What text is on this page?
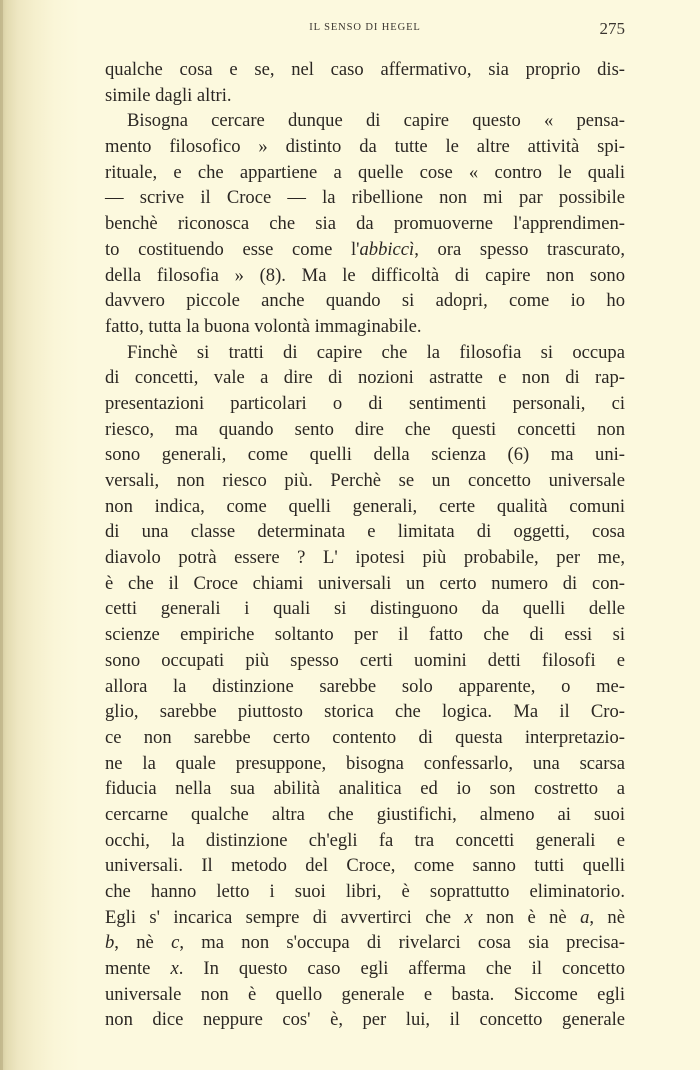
IL SENSO DI HEGEL	275
qualche cosa e se, nel caso affermativo, sia proprio dis-
simile dagli altri.
Bisogna cercare dunque di capire questo « pensa-
mento filosofico » distinto da tutte le altre attività spi-
rituale, e che appartiene a quelle cose « contro le quali
— scrive il Croce — la ribellione non mi par possibile
benchè riconosca che sia da promuoverne l'apprendimen-
to costituendo esse come l'abbiccì, ora spesso trascurato,
della filosofia » (8). Ma le difficoltà di capire non sono
davvero piccole anche quando si adopri, come io ho
fatto, tutta la buona volontà immaginabile.
Finchè si tratti di capire che la filosofia si occupa
di concetti, vale a dire di nozioni astratte e non di rap-
presentazioni particolari o di sentimenti personali, ci
riesco, ma quando sento dire che questi concetti non
sono generali, come quelli della scienza (6) ma uni-
versali, non riesco più. Perchè se un concetto universale
non indica, come quelli generali, certe qualità comuni
di una classe determinata e limitata di oggetti, cosa
diavolo potrà essere ? L' ipotesi più probabile, per me,
è che il Croce chiami universali un certo numero di con-
cetti generali i quali si distinguono da quelli delle
scienze empiriche soltanto per il fatto che di essi si
sono occupati più spesso certi uomini detti filosofi e
allora la distinzione sarebbe solo apparente, o me-
glio, sarebbe piuttosto storica che logica. Ma il Cro-
ce non sarebbe certo contento di questa interpretazio-
ne la quale presuppone, bisogna confessarlo, una scarsa
fiducia nella sua abilità analitica ed io son costretto a
cercarne qualche altra che giustifichi, almeno ai suoi
occhi, la distinzione ch'egli fa tra concetti generali e
universali. Il metodo del Croce, come sanno tutti quelli
che hanno letto i suoi libri, è soprattutto eliminatorio.
Egli s' incarica sempre di avvertirci che x non è nè a, nè
b, nè c, ma non s'occupa di rivelarci cosa sia precisa-
mente x. In questo caso egli afferma che il concetto
universale non è quello generale e basta. Siccome egli
non dice neppure cos' è, per lui, il concetto generale
